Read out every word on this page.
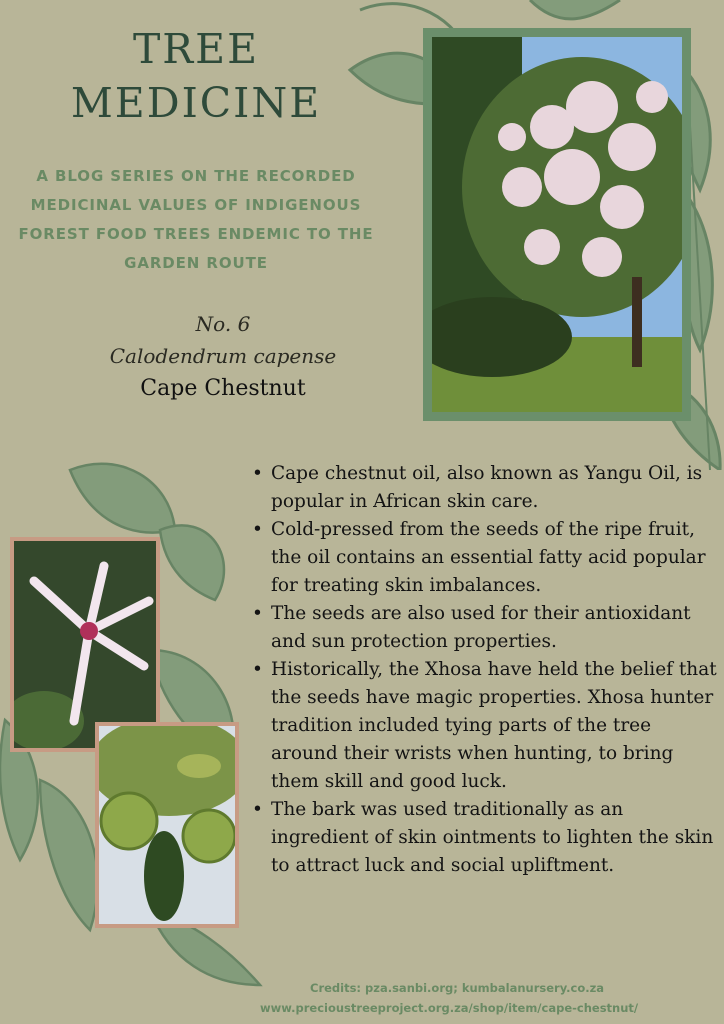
TREE
MEDICINE
A BLOG SERIES ON THE RECORDED
MEDICINAL VALUES OF INDIGENOUS
FOREST FOOD TREES ENDEMIC TO THE
GARDEN ROUTE
No. 6
Calodendrum capense
Cape Chestnut
• Cape chestnut oil, also known as Yangu Oil, is popular in African skin care.
• Cold-pressed from the seeds of the ripe fruit, the oil contains an essential fatty acid popular for treating skin imbalances.
• The seeds are also used for their antioxidant and sun protection properties.
• Historically, the Xhosa have held the belief that the seeds have magic properties. Xhosa hunter tradition included tying parts of the tree around their wrists when hunting, to bring them skill and good luck.
• The bark was used traditionally as an ingredient of skin ointments to lighten the skin to attract luck and social upliftment.
Credits: pza.sanbi.org; kumbalanursery.co.za
www.precioustreeproject.org.za/shop/item/cape-chestnut/
